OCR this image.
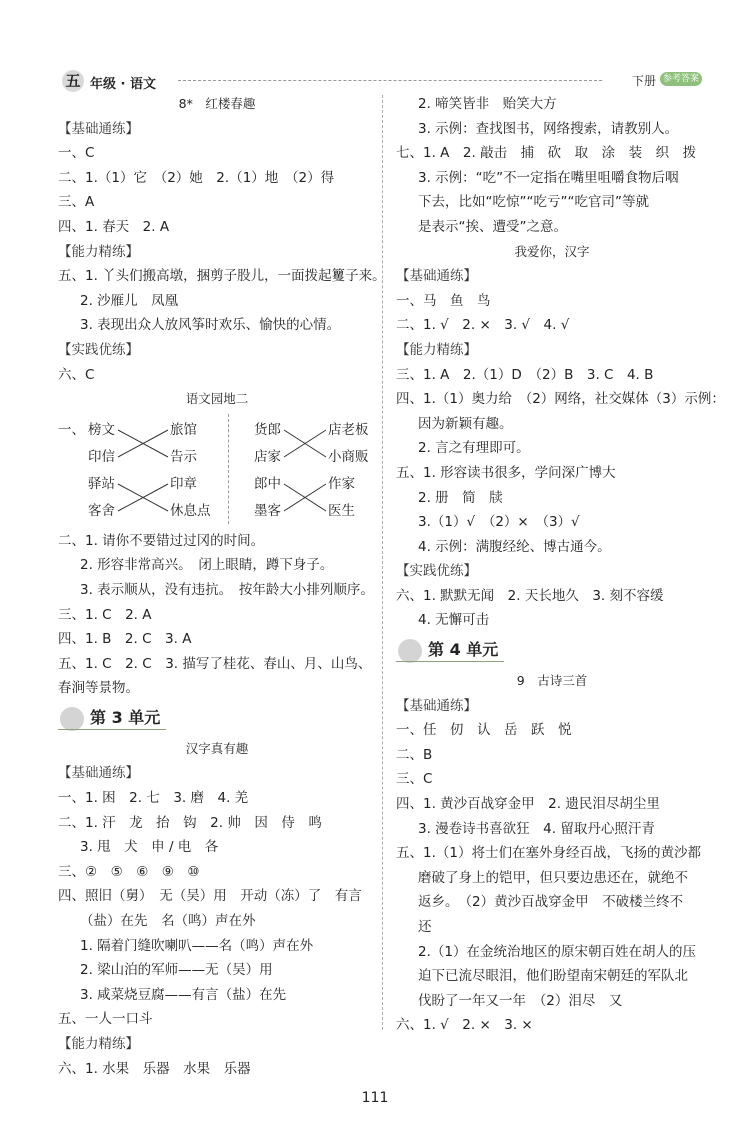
五 年级 · 语文	下册 参考答案
8*　红楼春趣
【基础通练】
一、C
二、1.（1）它　（2）她　2.（1）地　（2）得
三、A
四、1. 春天　2. A
【能力精练】
五、1. 丫头们搬高墩，捆剪子股儿，一面拨起籰子来。
2. 沙雁儿　凤凰
3. 表现出众人放风筝时欢乐、愉快的心情。
【实践优练】
六、C
语文园地二
一、 榜文
印信
驿站
客舍
旅馆
告示
印章
休息点
货郎
店家
郎中
墨客
店老板
小商贩
作家
医生
二、1. 请你不要错过过冈的时间。
2. 形容非常高兴。　闭上眼睛，蹲下身子。
3. 表示顺从，没有违抗。　按年龄大小排列顺序。
三、1. C　2. A
四、1. B　2. C　3. A
五、1. C　2. C　3. 描写了桂花、春山、月、山鸟、
春涧等景物。
第 3 单元
汉字真有趣
【基础通练】
一、1. 困　2. 七　3. 磨　4. 羌
二、1. 汗　龙　抬　钩　2. 帅　因　侍　鸣
3. 甩　犬　申 / 电　各
三、②　⑤　⑥　⑨　⑩
四、照旧（舅）　无（吴）用　开动（冻）了　有言
（盐）在先　名（鸣）声在外
1. 隔着门缝吹喇叭——名（鸣）声在外
2. 梁山泊的军师——无（吴）用
3. 咸菜烧豆腐——有言（盐）在先
五、一人一口斗
【能力精练】
六、1. 水果　乐器　水果　乐器
2. 啼笑皆非　贻笑大方
3. 示例：查找图书，网络搜索，请教别人。
七、1. A　2. 敲击　捕　砍　取　涂　装　织　拨
3. 示例：“吃”不一定指在嘴里咀嚼食物后咽
下去，比如“吃惊”“吃亏”“吃官司”等就
是表示“挨、遭受”之意。
我爱你，汉字
【基础通练】
一、马　鱼　鸟
二、1. √　2. ×　3. √　4. √
【能力精练】
三、1. A　2.（1）D　（2）B　3. C　4. B
四、1.（1）奥力给　（2）网络，社交媒体（3）示例：
因为新颖有趣。
2. 言之有理即可。
五、1. 形容读书很多，学问深广博大
2. 册　简　牍
3.（1）√　（2）×　（3）√
4. 示例：满腹经纶、博古通今。
【实践优练】
六、1. 默默无闻　2. 天长地久　3. 刻不容缓
4. 无懈可击
第 4 单元
9　古诗三首
【基础通练】
一、任　仞　认　岳　跃　悦
二、B
三、C
四、1. 黄沙百战穿金甲　2. 遗民泪尽胡尘里
3. 漫卷诗书喜欲狂　4. 留取丹心照汗青
五、1.（1）将士们在塞外身经百战，飞扬的黄沙都
磨破了身上的铠甲，但只要边患还在，就绝不
返乡。　（2）黄沙百战穿金甲　不破楼兰终不
还
2.（1）在金统治地区的原宋朝百姓在胡人的压
迫下已流尽眼泪，他们盼望南宋朝廷的军队北
伐盼了一年又一年　（2）泪尽　又
六、1. √　2. ×　3. ×
111
